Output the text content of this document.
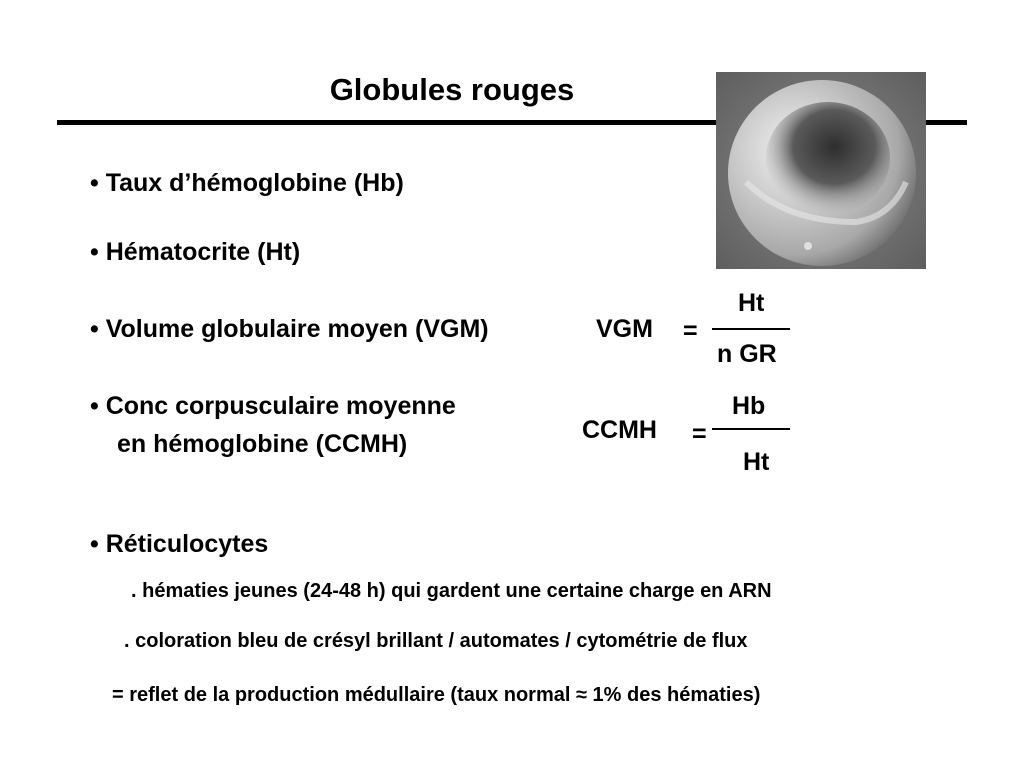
Globules rouges
• Taux d’hémoglobine (Hb)
• Hématocrite (Ht)
• Volume globulaire moyen (VGM)	VGM =
Ht
n GR
• Conc corpusculaire moyenne
en hémoglobine (CCMH)	CCMH =
Hb
Ht
• Réticulocytes
. hématies jeunes (24-48 h) qui gardent une certaine charge en ARN
. coloration bleu de crésyl brillant / automates / cytométrie de flux
= reflet de la production médullaire (taux normal ≈ 1% des hématies)
